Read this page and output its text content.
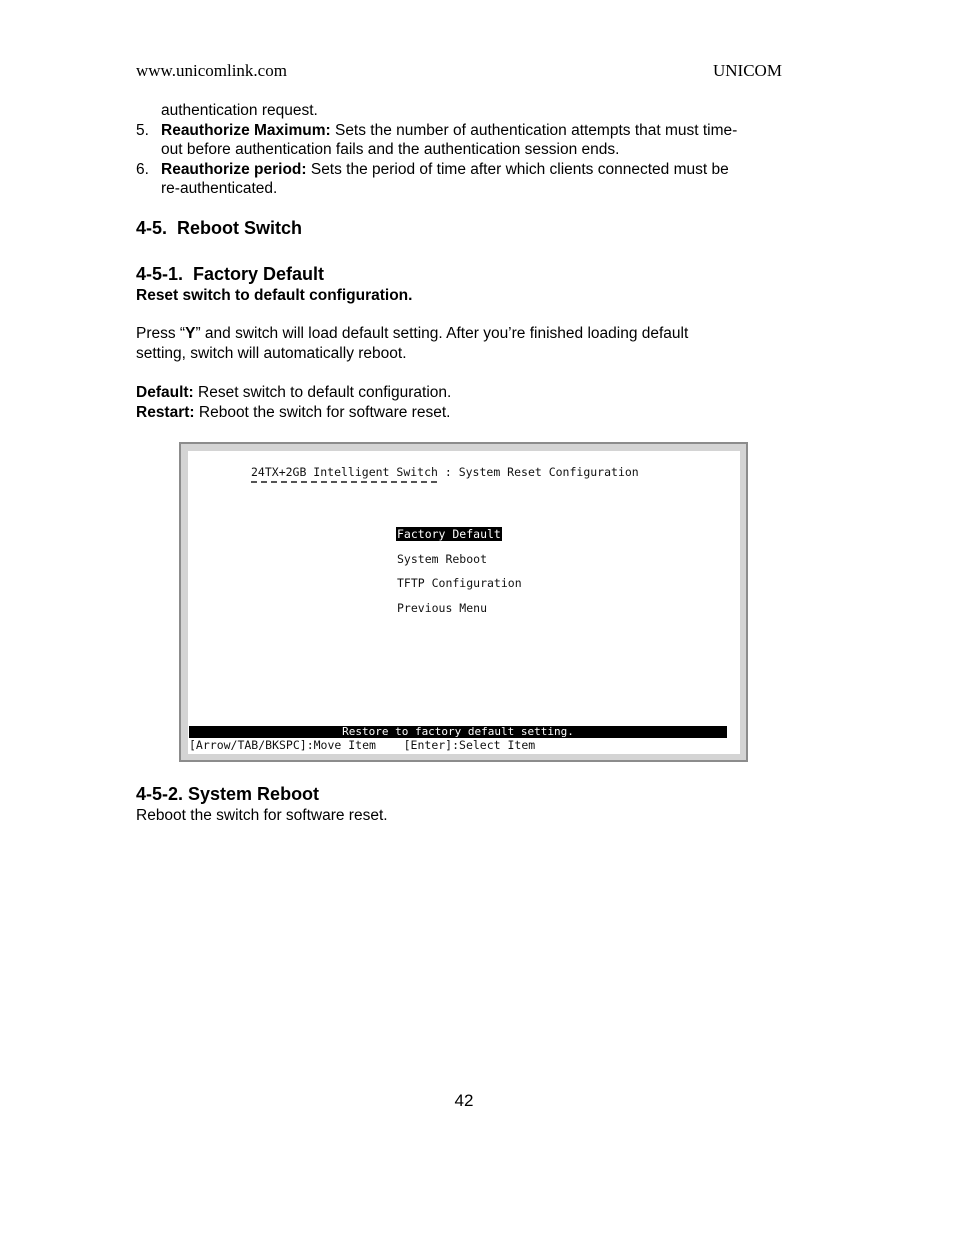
www.unicomlink.com	UNICOM
authentication request.
5. Reauthorize Maximum: Sets the number of authentication attempts that must time-
out before authentication fails and the authentication session ends.
6. Reauthorize period: Sets the period of time after which clients connected must be
re-authenticated.
4-5.  Reboot Switch
4-5-1.  Factory Default
Reset switch to default configuration.
Press “Y” and switch will load default setting. After you’re finished loading default
setting, switch will automatically reboot.
Default: Reset switch to default configuration.
Restart: Reboot the switch for software reset.
24TX+2GB Intelligent Switch : System Reset Configuration
Factory Default
System Reboot
TFTP Configuration
Previous Menu
Restore to factory default setting.
[Arrow/TAB/BKSPC]:Move Item    [Enter]:Select Item
4-5-2. System Reboot
Reboot the switch for software reset.
42
